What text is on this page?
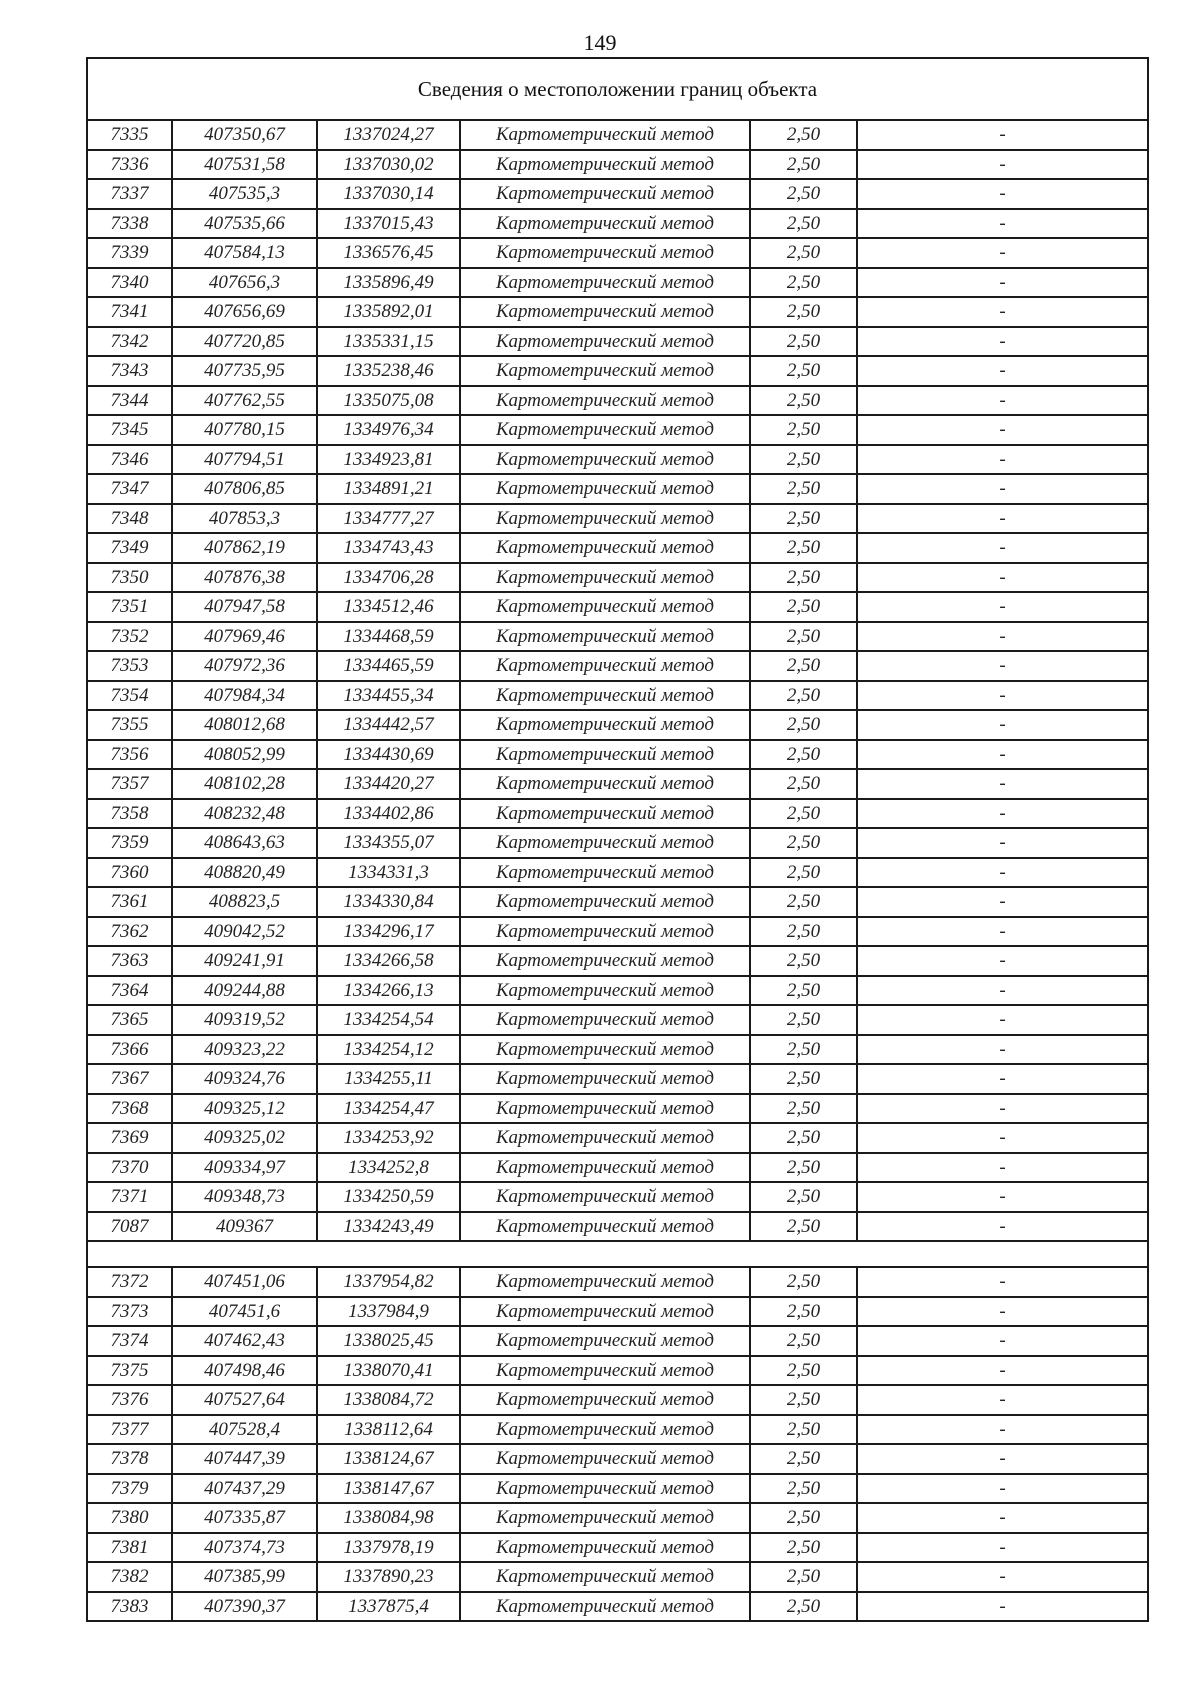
149
Сведения о местоположении границ объекта					
7335	407350,67	1337024,27	Картометрический метод	2,50	-
7336	407531,58	1337030,02	Картометрический метод	2,50	-
7337	407535,3	1337030,14	Картометрический метод	2,50	-
7338	407535,66	1337015,43	Картометрический метод	2,50	-
7339	407584,13	1336576,45	Картометрический метод	2,50	-
7340	407656,3	1335896,49	Картометрический метод	2,50	-
7341	407656,69	1335892,01	Картометрический метод	2,50	-
7342	407720,85	1335331,15	Картометрический метод	2,50	-
7343	407735,95	1335238,46	Картометрический метод	2,50	-
7344	407762,55	1335075,08	Картометрический метод	2,50	-
7345	407780,15	1334976,34	Картометрический метод	2,50	-
7346	407794,51	1334923,81	Картометрический метод	2,50	-
7347	407806,85	1334891,21	Картометрический метод	2,50	-
7348	407853,3	1334777,27	Картометрический метод	2,50	-
7349	407862,19	1334743,43	Картометрический метод	2,50	-
7350	407876,38	1334706,28	Картометрический метод	2,50	-
7351	407947,58	1334512,46	Картометрический метод	2,50	-
7352	407969,46	1334468,59	Картометрический метод	2,50	-
7353	407972,36	1334465,59	Картометрический метод	2,50	-
7354	407984,34	1334455,34	Картометрический метод	2,50	-
7355	408012,68	1334442,57	Картометрический метод	2,50	-
7356	408052,99	1334430,69	Картометрический метод	2,50	-
7357	408102,28	1334420,27	Картометрический метод	2,50	-
7358	408232,48	1334402,86	Картометрический метод	2,50	-
7359	408643,63	1334355,07	Картометрический метод	2,50	-
7360	408820,49	1334331,3	Картометрический метод	2,50	-
7361	408823,5	1334330,84	Картометрический метод	2,50	-
7362	409042,52	1334296,17	Картометрический метод	2,50	-
7363	409241,91	1334266,58	Картометрический метод	2,50	-
7364	409244,88	1334266,13	Картометрический метод	2,50	-
7365	409319,52	1334254,54	Картометрический метод	2,50	-
7366	409323,22	1334254,12	Картометрический метод	2,50	-
7367	409324,76	1334255,11	Картометрический метод	2,50	-
7368	409325,12	1334254,47	Картометрический метод	2,50	-
7369	409325,02	1334253,92	Картометрический метод	2,50	-
7370	409334,97	1334252,8	Картометрический метод	2,50	-
7371	409348,73	1334250,59	Картометрический метод	2,50	-
7087	409367	1334243,49	Картометрический метод	2,50	-

7372	407451,06	1337954,82	Картометрический метод	2,50	-
7373	407451,6	1337984,9	Картометрический метод	2,50	-
7374	407462,43	1338025,45	Картометрический метод	2,50	-
7375	407498,46	1338070,41	Картометрический метод	2,50	-
7376	407527,64	1338084,72	Картометрический метод	2,50	-
7377	407528,4	1338112,64	Картометрический метод	2,50	-
7378	407447,39	1338124,67	Картометрический метод	2,50	-
7379	407437,29	1338147,67	Картометрический метод	2,50	-
7380	407335,87	1338084,98	Картометрический метод	2,50	-
7381	407374,73	1337978,19	Картометрический метод	2,50	-
7382	407385,99	1337890,23	Картометрический метод	2,50	-
7383	407390,37	1337875,4	Картометрический метод	2,50	-
